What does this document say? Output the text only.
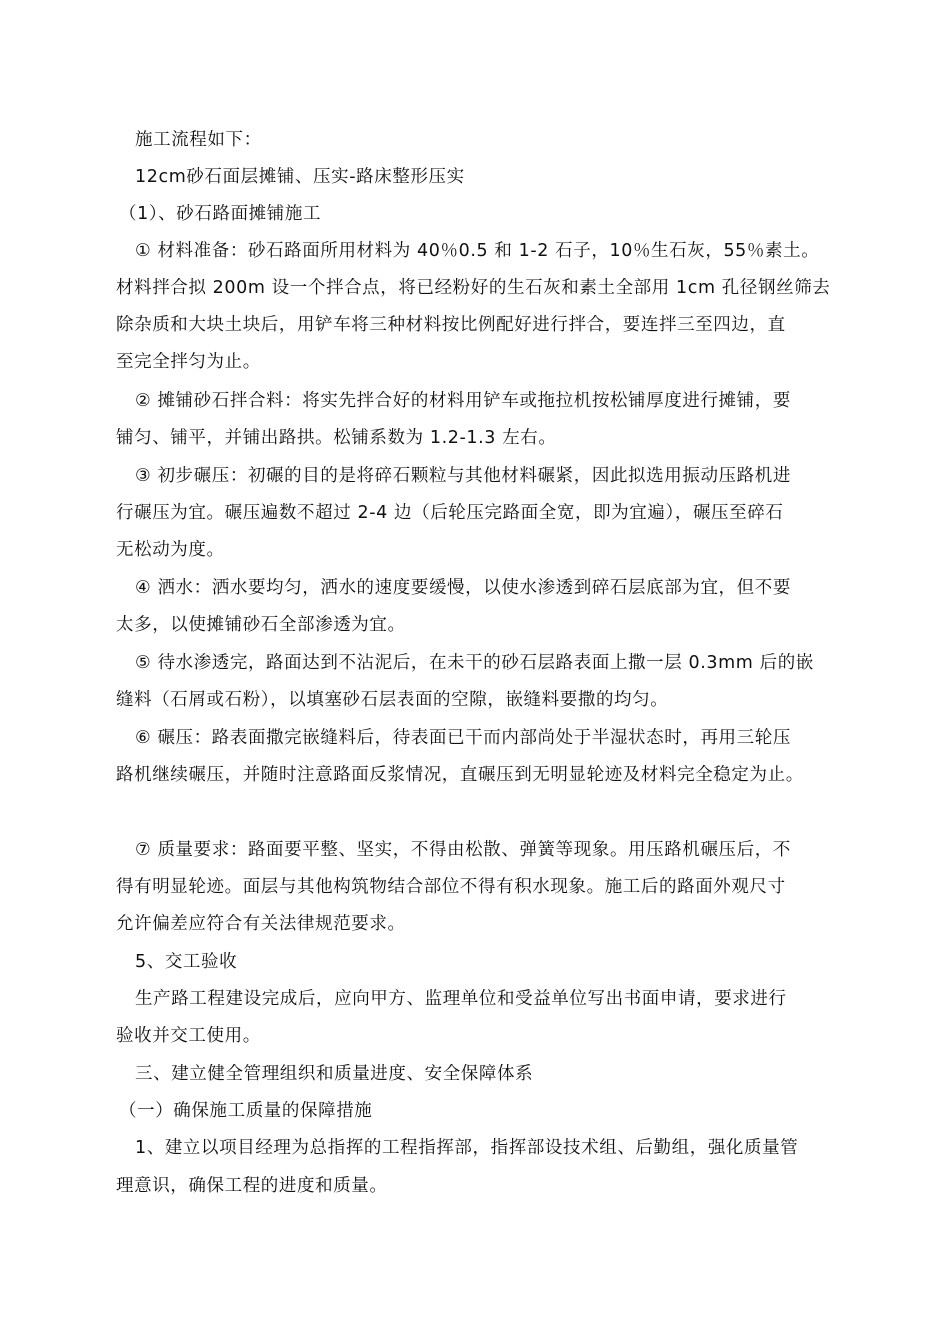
施工流程如下：

12cm砂石面层摊铺、压实-路床整形压实

（1）、砂石路面摊铺施工

① 材料准备：砂石路面所用材料为 40％0.5 和 1-2 石子，10％生石灰，55％素土。

材料拌合拟 200m 设一个拌合点，将已经粉好的生石灰和素土全部用 1cm 孔径钢丝筛去

除杂质和大块土块后，用铲车将三种材料按比例配好进行拌合，要连拌三至四边，直

至完全拌匀为止。

② 摊铺砂石拌合料：将实先拌合好的材料用铲车或拖拉机按松铺厚度进行摊铺，要

铺匀、铺平，并铺出路拱。松铺系数为 1.2-1.3 左右。

③ 初步碾压：初碾的目的是将碎石颗粒与其他材料碾紧，因此拟选用振动压路机进

行碾压为宜。碾压遍数不超过 2-4 边（后轮压完路面全宽，即为宜遍），碾压至碎石

无松动为度。

④ 洒水：洒水要均匀，洒水的速度要缓慢，以使水渗透到碎石层底部为宜，但不要

太多，以使摊铺砂石全部渗透为宜。

⑤ 待水渗透完，路面达到不沾泥后，在未干的砂石层路表面上撒一层 0.3mm 后的嵌

缝料（石屑或石粉），以填塞砂石层表面的空隙，嵌缝料要撒的均匀。

⑥ 碾压：路表面撒完嵌缝料后，待表面已干而内部尚处于半湿状态时，再用三轮压

路机继续碾压，并随时注意路面反浆情况，直碾压到无明显轮迹及材料完全稳定为止。

⑦ 质量要求：路面要平整、坚实，不得由松散、弹簧等现象。用压路机碾压后，不

得有明显轮迹。面层与其他构筑物结合部位不得有积水现象。施工后的路面外观尺寸

允许偏差应符合有关法律规范要求。

5、交工验收

生产路工程建设完成后，应向甲方、监理单位和受益单位写出书面申请，要求进行

验收并交工使用。

三、建立健全管理组织和质量进度、安全保障体系

（一）确保施工质量的保障措施

1、建立以项目经理为总指挥的工程指挥部，指挥部设技术组、后勤组，强化质量管

理意识，确保工程的进度和质量。
